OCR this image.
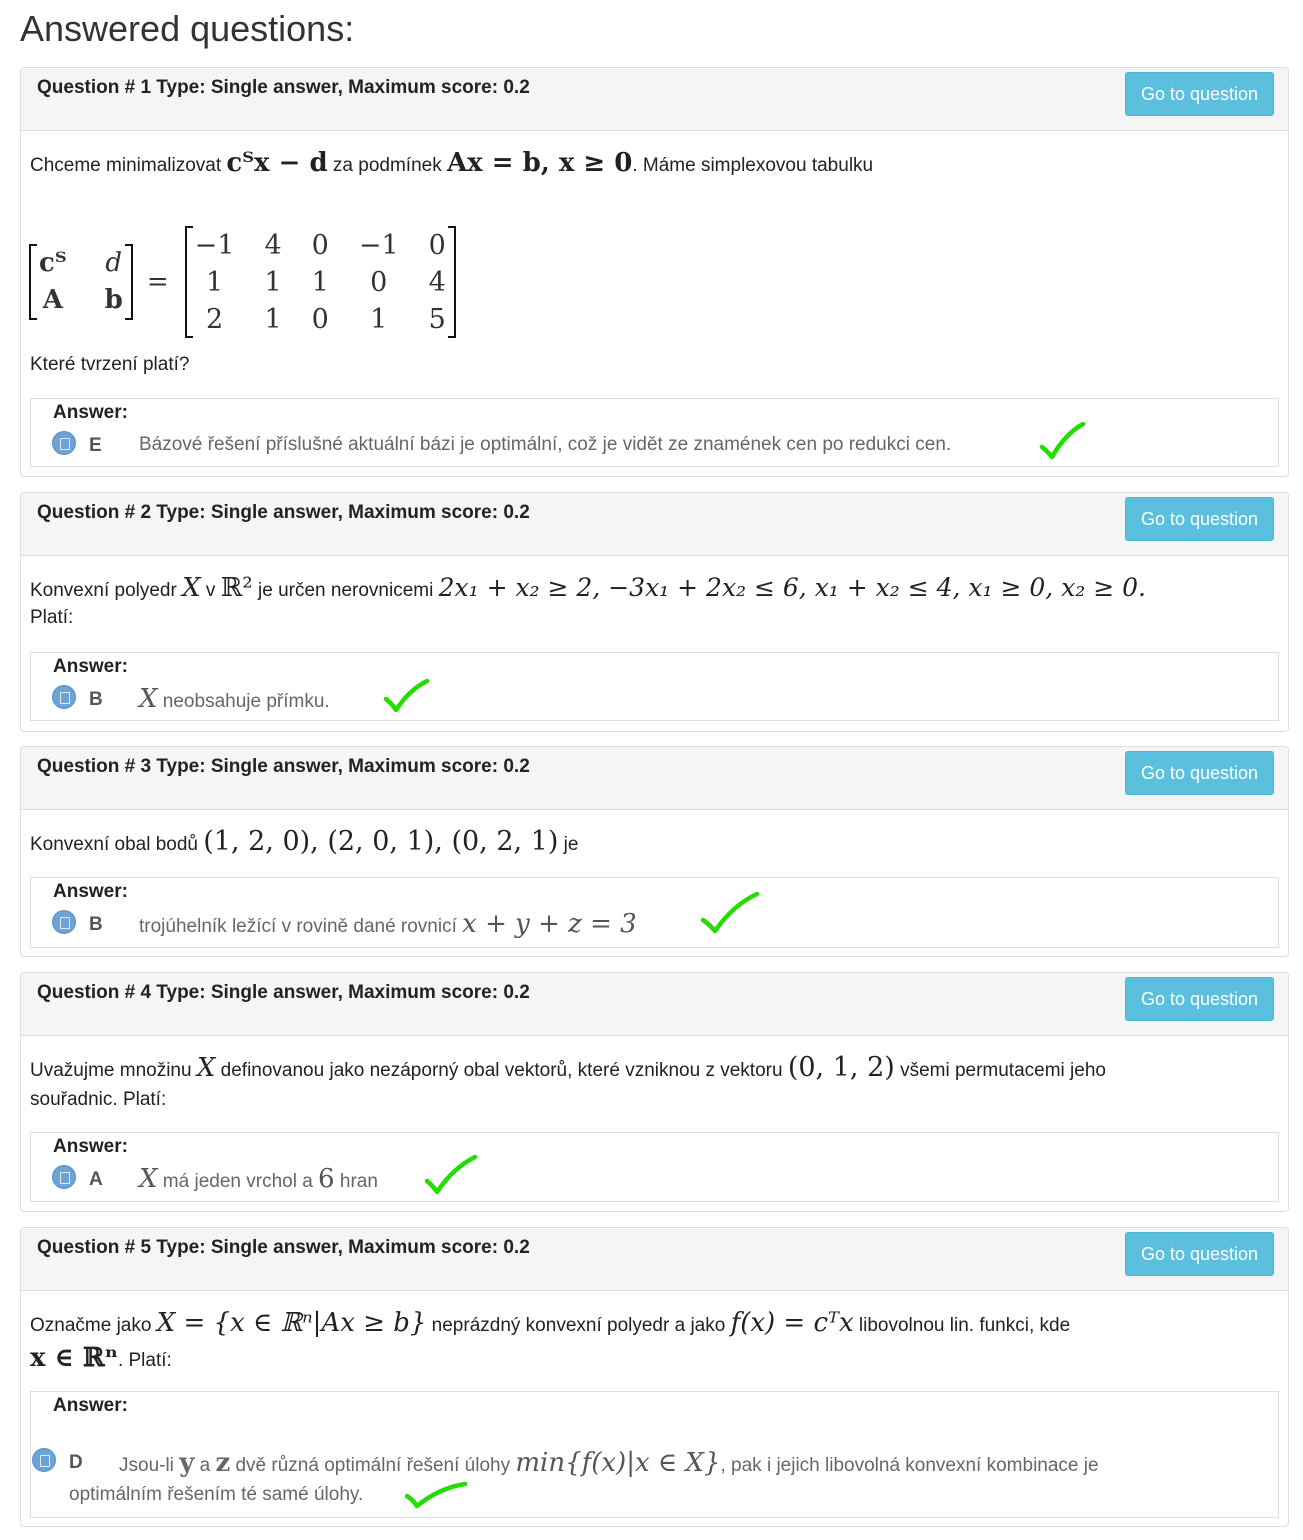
Answered questions:
Question # 1 Type: Single answer, Maximum score: 0.2	Go to question
Chceme minimalizovat cᵀx − d za podmínek Ax = b, x ≥ 0. Máme simplexovou tabulku
cᵀ d
A b
=
−1 4 0 −1 0
1	1 1	0	4
2	1 0	1	5
Které tvrzení platí?
Answer:
E Bázové řešení příslušné aktuální bázi je optimální, což je vidět ze znamének cen po redukci cen.
Question # 2 Type: Single answer, Maximum score: 0.2	Go to question
Konvexní polyedr X v ℝ² je určen nerovnicemi 2x₁ + x₂ ≥ 2, −3x₁ + 2x₂ ≤ 6, x₁ + x₂ ≤ 4, x₁ ≥ 0, x₂ ≥ 0.
Platí:
Answer:
B X neobsahuje přímku.
Question # 3 Type: Single answer, Maximum score: 0.2	Go to question
Konvexní obal bodů (1, 2, 0), (2, 0, 1), (0, 2, 1) je
Answer:
B trojúhelník ležící v rovině dané rovnicí x + y + z = 3
Question # 4 Type: Single answer, Maximum score: 0.2	Go to question
Uvažujme množinu X definovanou jako nezáporný obal vektorů, které vzniknou z vektoru (0, 1, 2) všemi permutacemi jeho
souřadnic. Platí:
Answer:
A X má jeden vrchol a 6 hran
Question # 5 Type: Single answer, Maximum score: 0.2	Go to question
Označme jako X = {x ∈ ℝⁿ|Ax ≥ b} neprázdný konvexní polyedr a jako f(x) = cᵀx libovolnou lin. funkci, kde
x ∈ ℝⁿ. Platí:
Answer:
D Jsou-li y a z dvě různá optimální řešení úlohy min{f(x)|x ∈ X}, pak i jejich libovolná konvexní kombinace je
optimálním řešením té samé úlohy.
